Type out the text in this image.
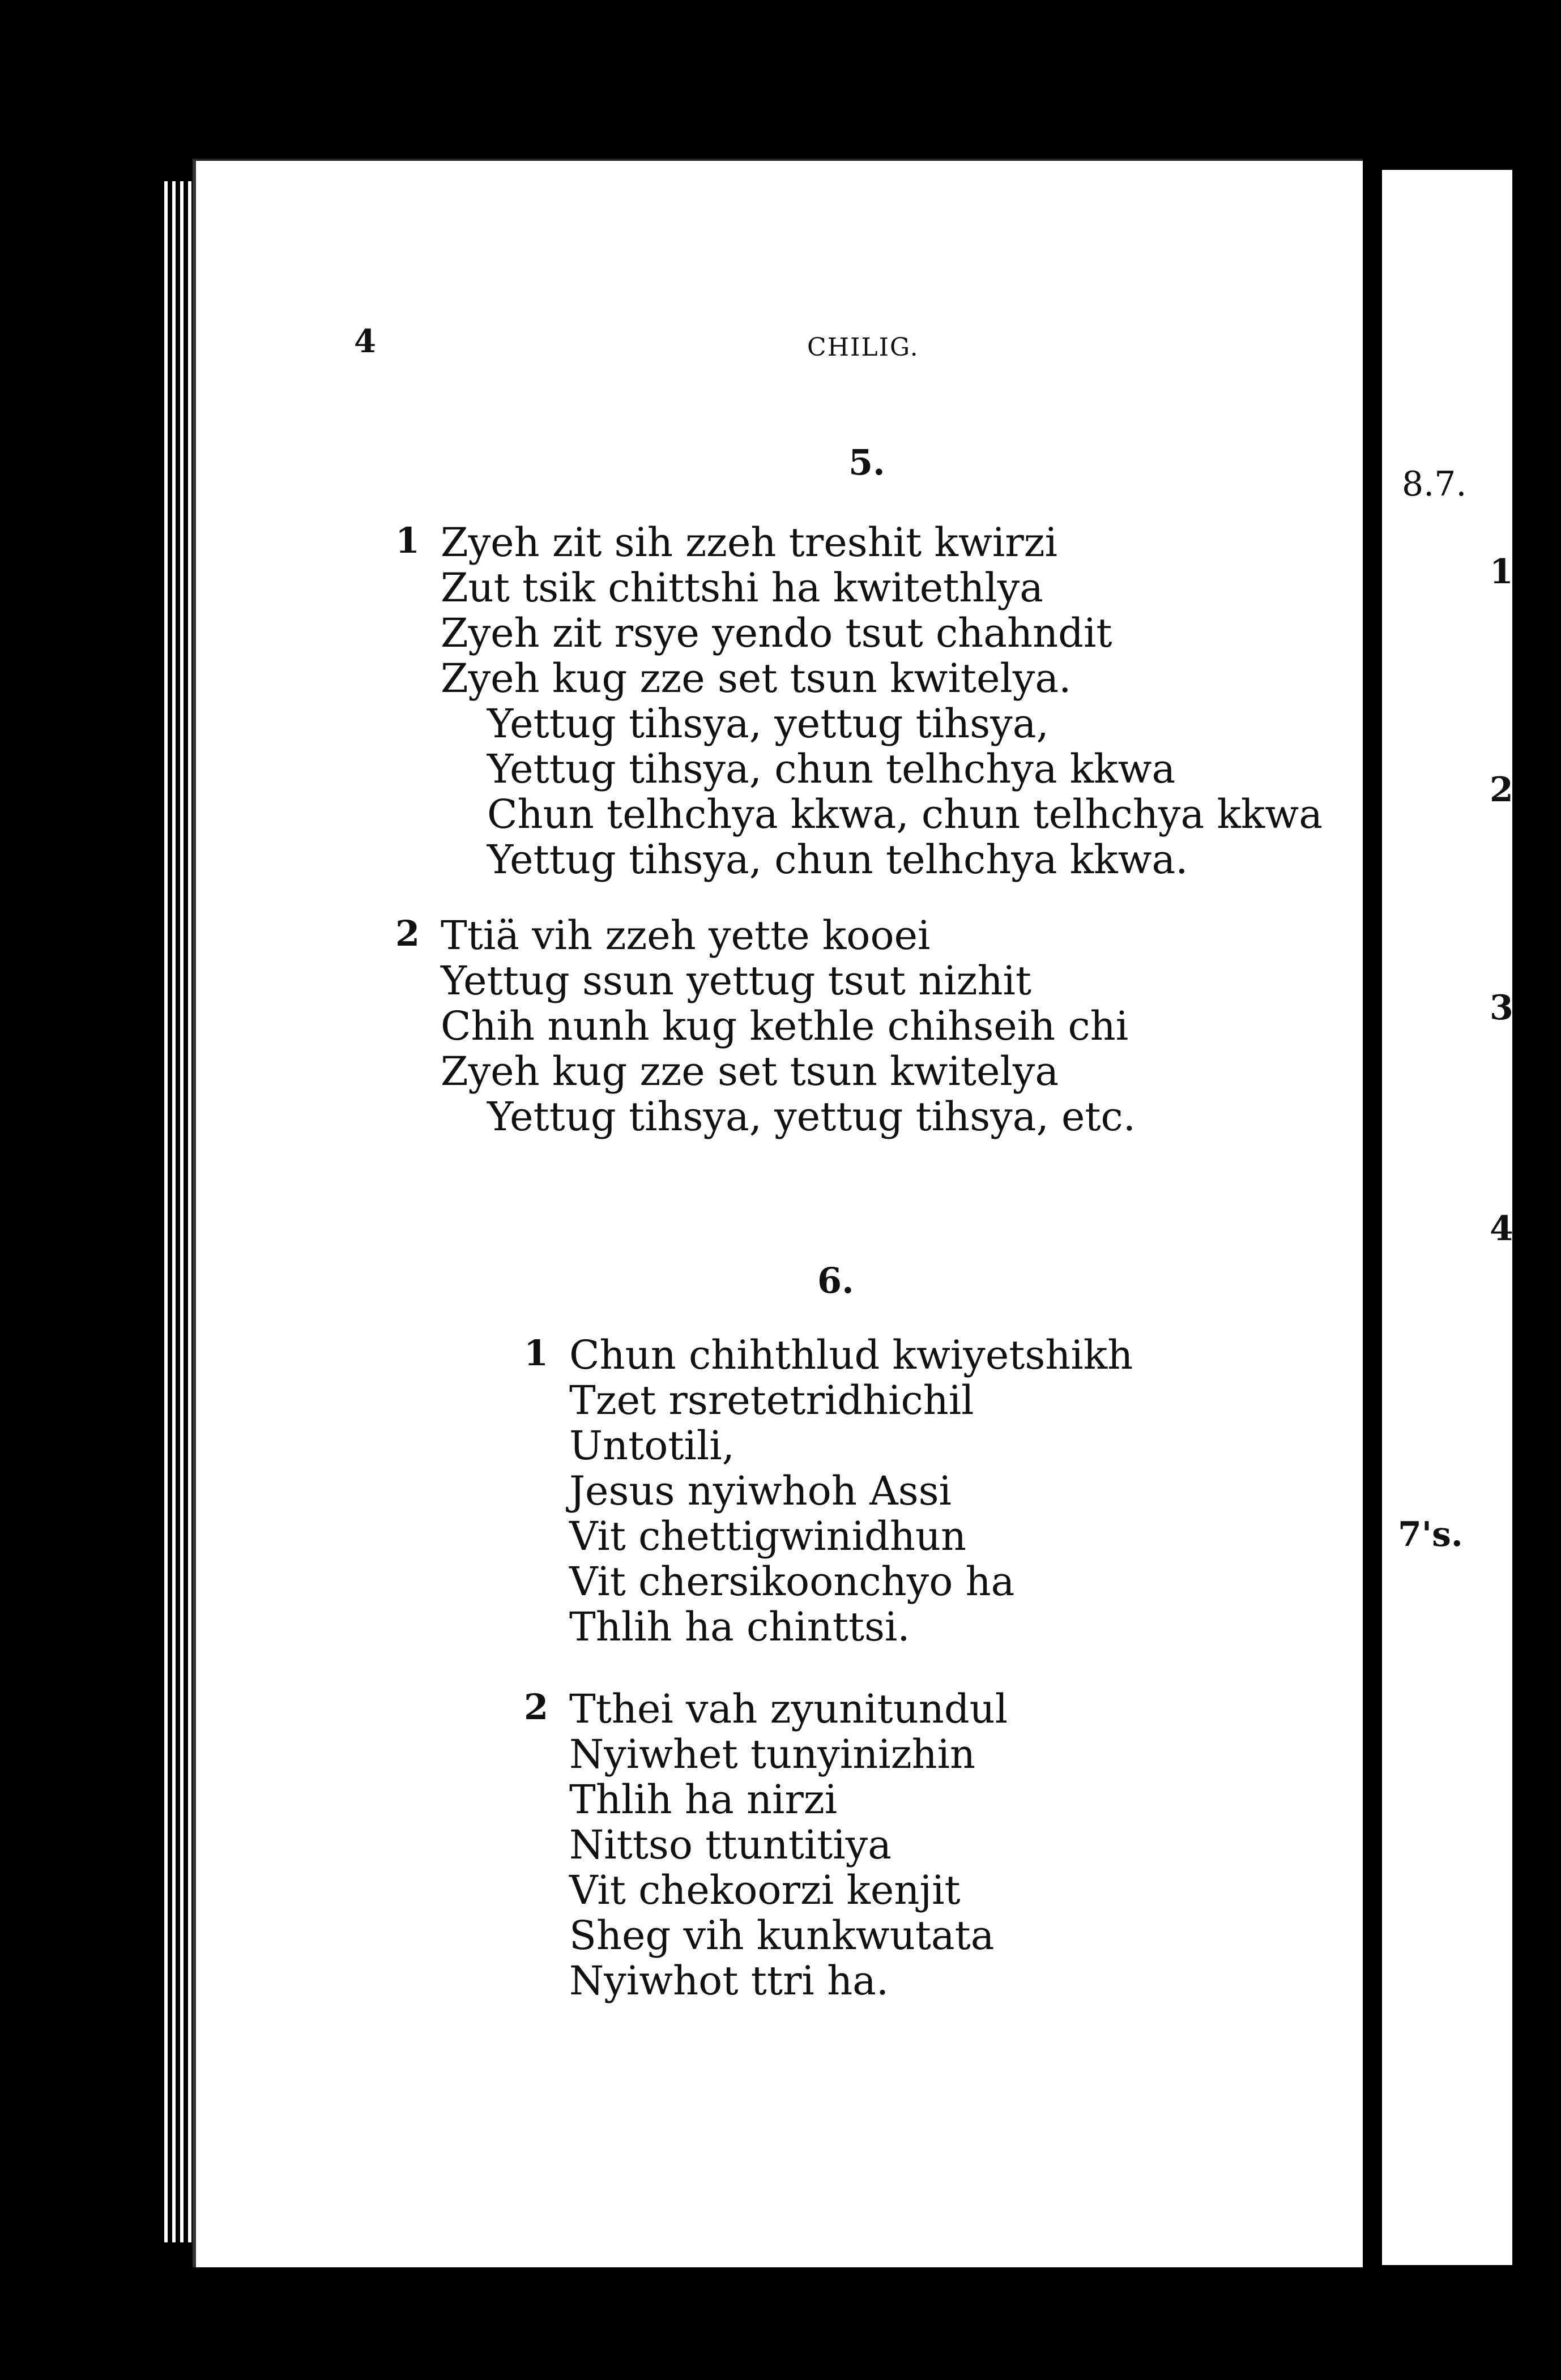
4	CHILIG.
5.
1 Zyeh zit sih zzeh treshit kwirzi
Zut tsik chittshi ha kwitethlya
Zyeh zit rsye yendo tsut chahndit
Zyeh kug zze set tsun kwitelya.
Yettug tihsya, yettug tihsya,
Yettug tihsya, chun telhchya kkwa
Chun telhchya kkwa, chun telhchya kkwa
Yettug tihsya, chun telhchya kkwa.
2 Ttiä vih zzeh yette kooei
Yettug ssun yettug tsut nizhit
Chih nunh kug kethle chihseih chi
Zyeh kug zze set tsun kwitelya
Yettug tihsya, yettug tihsya, etc.
6.
1 Chun chihthlud kwiyetshikh
Tzet rsretetridhichil
Untotili,
Jesus nyiwhoh Assi
Vit chettigwinidhun
Vit chersikoonchyo ha
Thlih ha chinttsi.
2 Tthei vah zyunitundul
Nyiwhet tunyinizhin
Thlih ha nirzi
Nittso ttuntitiya
Vit chekoorzi kenjit
Sheg vih kunkwutata
Nyiwhot ttri ha.
8.7.
1
2
3
4
7's.
